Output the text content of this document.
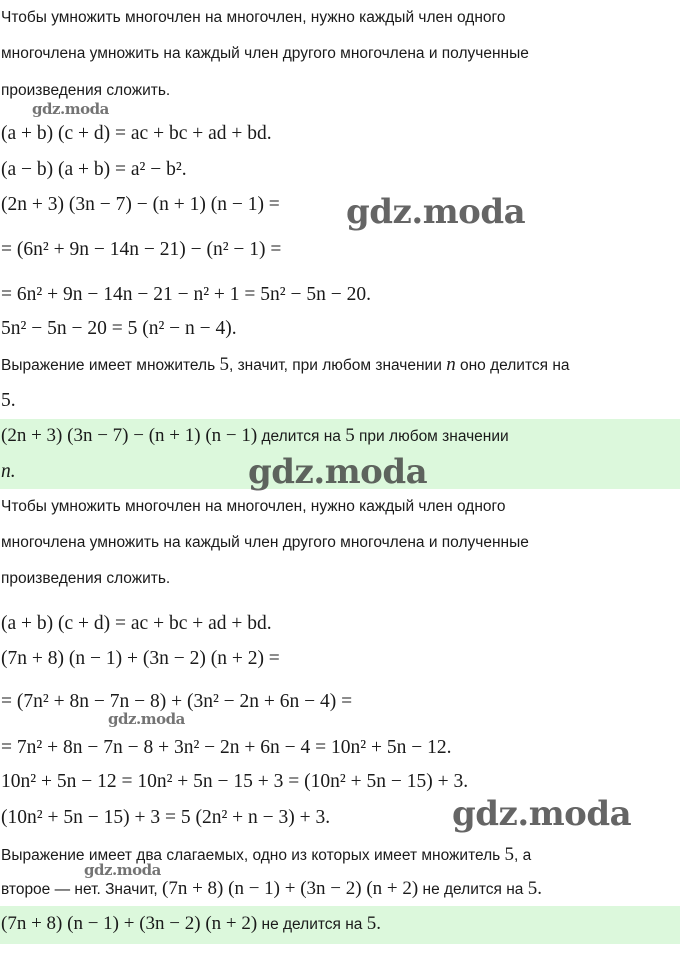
Чтобы умножить многочлен на многочлен, нужно каждый член одного
многочлена умножить на каждый член другого многочлена и полученные
произведения сложить.
(a + b) (c + d) = ac + bc + ad + bd.
(a − b) (a + b) = a² − b².
(2n + 3) (3n − 7) − (n + 1) (n − 1) =
= (6n² + 9n − 14n − 21) − (n² − 1) =
= 6n² + 9n − 14n − 21 − n² + 1 = 5n² − 5n − 20.
5n² − 5n − 20 = 5 (n² − n − 4).
Выражение имеет множитель 5, значит, при любом значении n оно делится на
5.
(2n + 3) (3n − 7) − (n + 1) (n − 1) делится на 5 при любом значении
n.
Чтобы умножить многочлен на многочлен, нужно каждый член одного
многочлена умножить на каждый член другого многочлена и полученные
произведения сложить.
(a + b) (c + d) = ac + bc + ad + bd.
(7n + 8) (n − 1) + (3n − 2) (n + 2) =
= (7n² + 8n − 7n − 8) + (3n² − 2n + 6n − 4) =
= 7n² + 8n − 7n − 8 + 3n² − 2n + 6n − 4 = 10n² + 5n − 12.
10n² + 5n − 12 = 10n² + 5n − 15 + 3 = (10n² + 5n − 15) + 3.
(10n² + 5n − 15) + 3 = 5 (2n² + n − 3) + 3.
Выражение имеет два слагаемых, одно из которых имеет множитель 5, а
второе — нет. Значит, (7n + 8) (n − 1) + (3n − 2) (n + 2) не делится на 5.
(7n + 8) (n − 1) + (3n − 2) (n + 2) не делится на 5.
gdz.moda
gdz.moda
gdz.moda
gdz.moda
gdz.moda
gdz.moda
